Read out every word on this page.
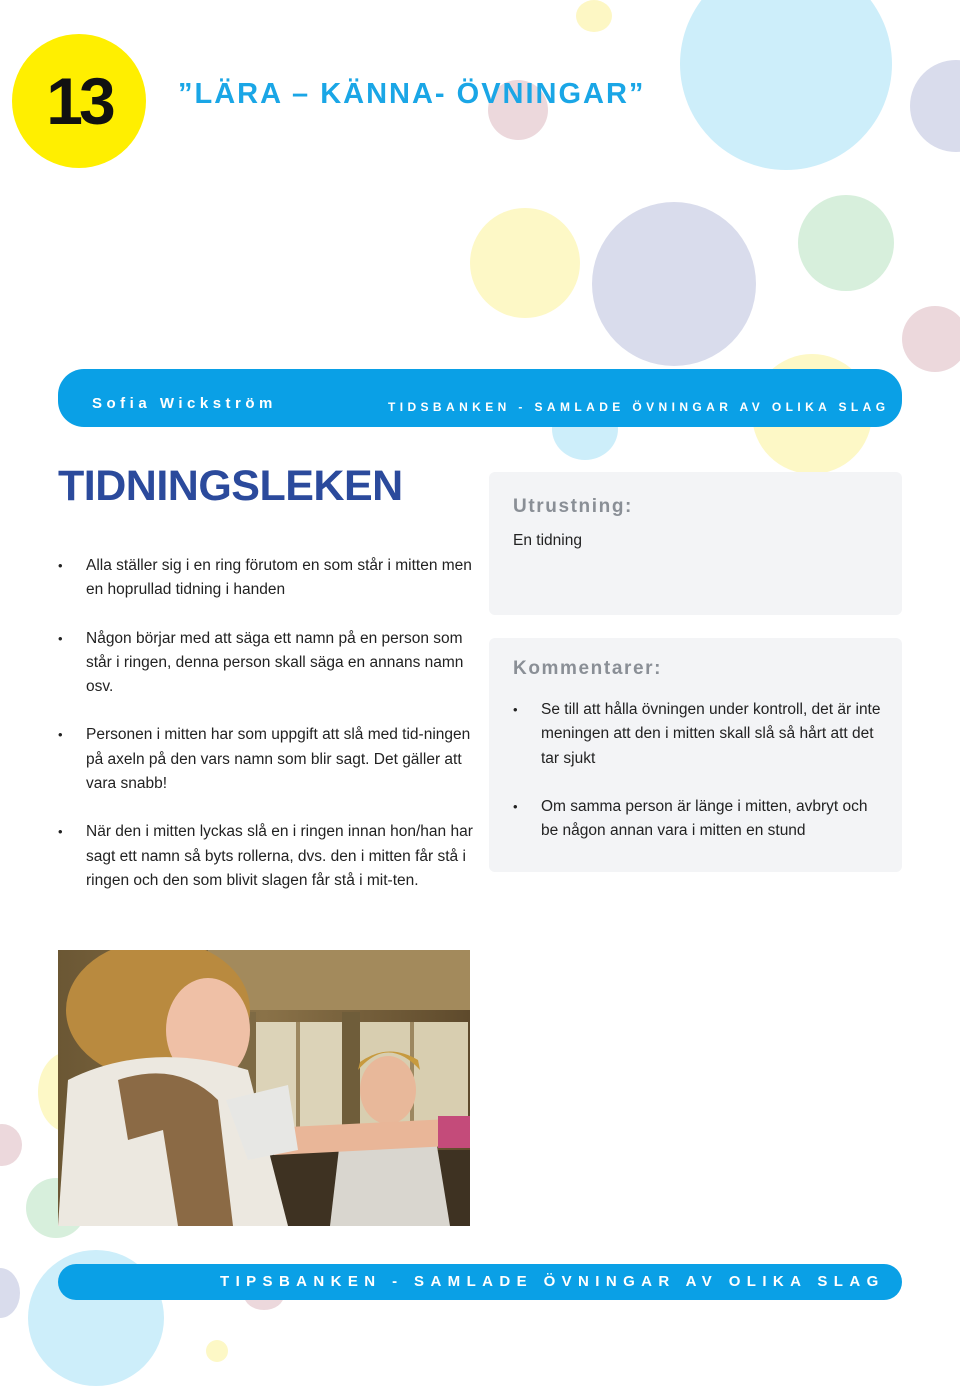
13 ”LÄRA – KÄNNA- ÖVNINGAR”
Sofia Wickström	TIDSBANKEN - SAMLADE ÖVNINGAR AV OLIKA SLAG
TIDNINGSLEKEN
• Alla ställer sig i en ring förutom en som står i mitten men en hoprullad tidning i handen
• Någon börjar med att säga ett namn på en person som står i ringen, denna person skall säga en annans namn osv.
• Personen i mitten har som uppgift att slå med tid-ningen på axeln på den vars namn som blir sagt. Det gäller att vara snabb!
• När den i mitten lyckas slå en i ringen innan hon/han har sagt ett namn så byts rollerna, dvs. den i mitten får stå i ringen och den som blivit slagen får stå i mit-ten.
Utrustning:
En tidning
Kommentarer:
• Se till att hålla övningen under kontroll, det är inte meningen att den i mitten skall slå så hårt att det tar sjukt
• Om samma person är länge i mitten, avbryt och be någon annan vara i mitten en stund
TIPSBANKEN - SAMLADE ÖVNINGAR AV OLIKA SLAG
